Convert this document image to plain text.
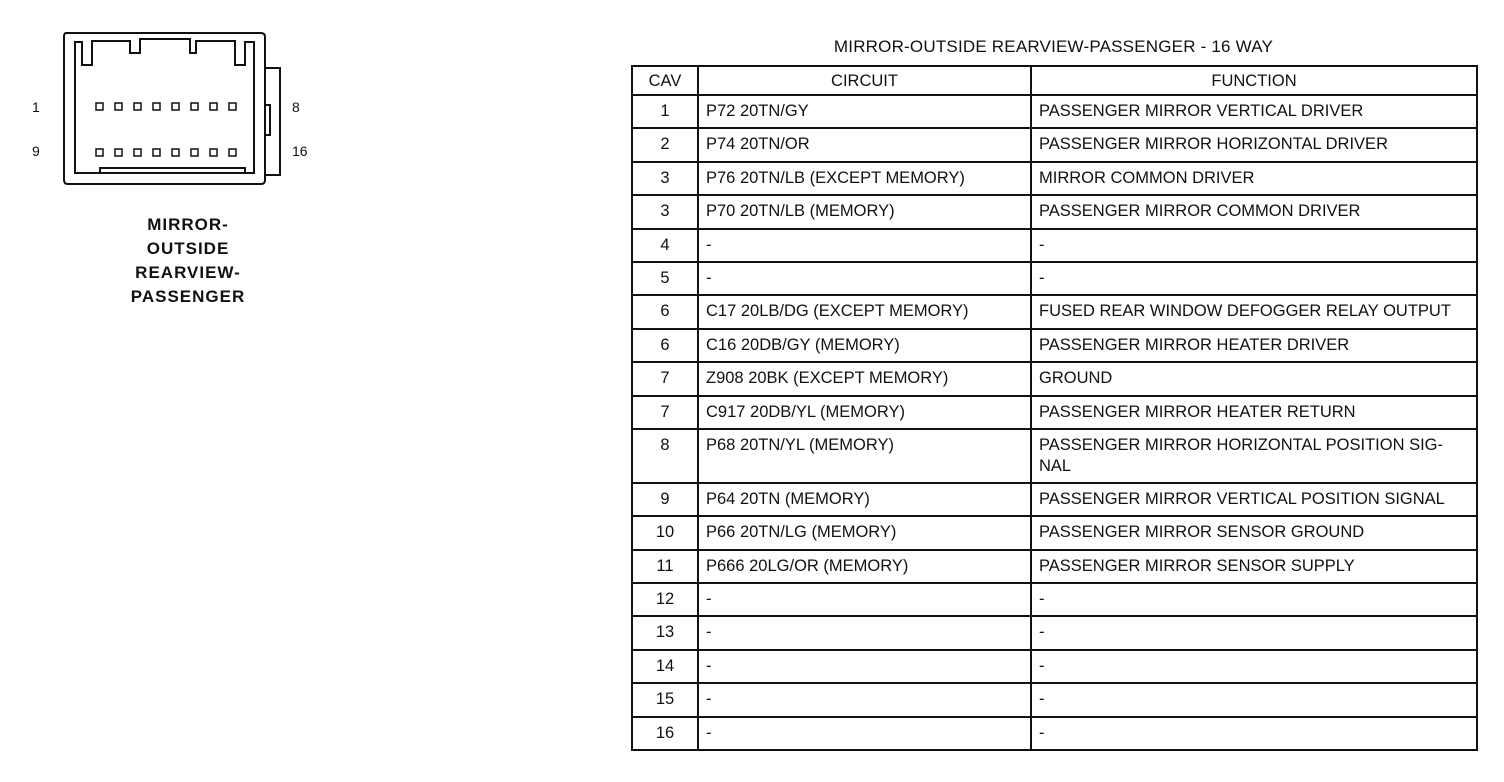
1	8
9	16
MIRROR-
OUTSIDE
REARVIEW-
PASSENGER
MIRROR-OUTSIDE REARVIEW-PASSENGER - 16 WAY
CAV	CIRCUIT	FUNCTION
1	P72 20TN/GY	PASSENGER MIRROR VERTICAL DRIVER
2	P74 20TN/OR	PASSENGER MIRROR HORIZONTAL DRIVER
3	P76 20TN/LB (EXCEPT MEMORY)	MIRROR COMMON DRIVER
3	P70 20TN/LB (MEMORY)	PASSENGER MIRROR COMMON DRIVER
4	-	-
5	-	-
6	C17 20LB/DG (EXCEPT MEMORY)	FUSED REAR WINDOW DEFOGGER RELAY OUTPUT
6	C16 20DB/GY (MEMORY)	PASSENGER MIRROR HEATER DRIVER
7	Z908 20BK (EXCEPT MEMORY)	GROUND
7	C917 20DB/YL (MEMORY)	PASSENGER MIRROR HEATER RETURN
8	P68 20TN/YL (MEMORY)	PASSENGER MIRROR HORIZONTAL POSITION SIG-NAL
9	P64 20TN (MEMORY)	PASSENGER MIRROR VERTICAL POSITION SIGNAL
10	P66 20TN/LG (MEMORY)	PASSENGER MIRROR SENSOR GROUND
11	P666 20LG/OR (MEMORY)	PASSENGER MIRROR SENSOR SUPPLY
12	-	-
13	-	-
14	-	-
15	-	-
16	-	-
